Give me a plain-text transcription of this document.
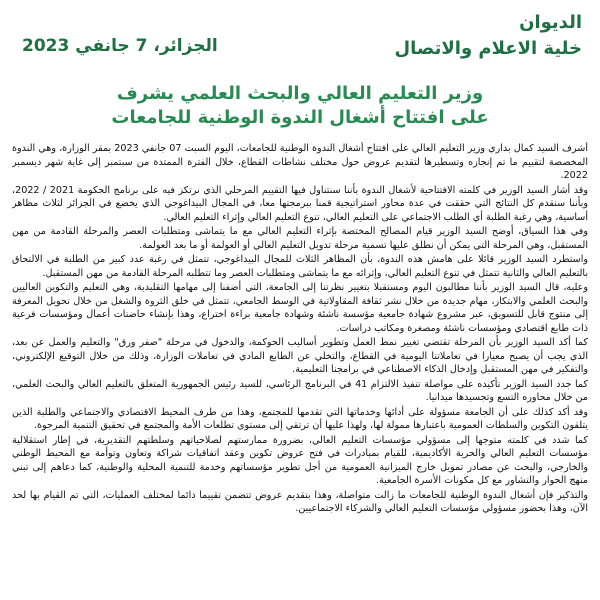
الديوان
خلية الاعلام والاتصال
الجزائر، 7 جانفي 2023
وزير التعليم العالي والبحث العلمي يشرف
على افتتاح أشغال الندوة الوطنية للجامعات

أشرف السيد كمال بداري وزير التعليم العالي على افتتاح أشغال الندوة الوطنية للجامعات، اليوم السبت 07 جانفي 2023 بمقر الوزارة، وهي الندوة المخصصة لتقييم ما تم إنجازه وتسطيرها لتقديم عروض حول مختلف نشاطات القطاع، خلال الفترة الممتدة من سبتمبر إلى غاية شهر ديسمبر 2022.

وقد أشار السيد الوزير في كلمته الافتتاحية لأشغال الندوة بأننا سنتناول فيها التقييم المرحلي الذي نرتكز فيه على برنامج الحكومة 2021 / 2022، وبأننا سنقدم كل النتائج التي حققت في عدة محاور استراتيجية قمنا ببرمجتها معا، في المجال البيداغوجي الذي يخضع في الجزائر لثلاث مظاهر أساسية، وهي رغبة الطلبة أي الطلب الاجتماعي على التعليم العالي، تنوع التعليم العالي وإثراء التعليم العالي.

وفي هذا السياق، أوضح السيد الوزير قيام المصالح المختصة بإثراء التعليم العالي مع ما يتماشى ومتطلبات العصر والمرحلة القادمة من مهن المستقبل، وهي المرحلة التي يمكن أن نطلق عليها تسمية مرحلة تدويل التعليم العالي أو العولمة أو ما بعد العولمة.

واستطرد السيد الوزير قائلا على هامش هذه الندوة، بأن المظاهر الثلاث للمجال البيداغوجي، تتمثل في رغبة عدد كبير من الطلبة في الالتحاق بالتعليم العالي والثانية تتمثل في تنوع التعليم العالي، وإثرائه مع ما يتماشى ومتطلبات العصر وما تتطلبه المرحلة القادمة من مهن المستقبل.

وعليه، قال السيد الوزير بأننا مطالبون اليوم ومستقبلا بتغيير نظرتنا إلى الجامعة، التي أضفنا إلى مهامها التقليدية، وهي التعليم والتكوين العاليين والبحث العلمي والابتكار، مهام جديدة من خلال نشر ثقافة المقاولاتية في الوسط الجامعي، تتمثل في خلق الثروة والشغل من خلال تحويل المعرفة إلى منتوج قابل للتسويق، عبر مشروع شهادة جامعية مؤسسة ناشئة وشهادة جامعية براءة اختراع، وهذا بإنشاء حاضنات أعمال ومؤسسات فرعية ذات طابع اقتصادي ومؤسسات ناشئة ومصغرة ومكاتب دراسات.

كما أكد السيد الوزير بأن المرحلة تقتضي تغيير نمط العمل وتطوير أساليب الحوكمة، والدخول في مرحلة "صفر ورق" والتعليم والعمل عن بعد، الذي يجب أن يصبح معيارا في تعاملاتنا اليومية في القطاع، والتخلي عن الطابع المادي في تعاملات الوزارة، وذلك من خلال التوقيع الإلكتروني، والتفكير في مهن المستقبل وإدخال الذكاء الاصطناعي في برامجنا التعليمية.

كما جدد السيد الوزير تأكيده على مواصلة تنفيذ الالتزام 41 في البرنامج الرئاسي، للسيد رئيس الجمهورية المتعلق بالتعليم العالي والبحث العلمي، من خلال محاوره التسع وتجسيدها ميدانيا.

وقد أكد كذلك على أن الجامعة مسؤولة على أدائها وخدماتها التي تقدمها للمجتمع، وهذا من طرف المحيط الاقتصادي والاجتماعي والطلبة الذين يتلقون التكوين والسلطات العمومية باعتبارها ممولة لها، ولهذا عليها أن ترتقي إلى مستوى تطلعات الأمة والمجتمع في تحقيق التنمية المرجوة.

كما شدد في كلمته متوجها إلى مسؤولي مؤسسات التعليم العالي، بضرورة ممارستهم لصلاحياتهم وسلطتهم التقديرية، في إطار استقلالية مؤسسات التعليم العالي والحرية الأكاديمية، للقيام بمبادرات في فتح عروض تكوين وعقد اتفاقيات شراكة وتعاون وتوأمة مع المحيط الوطني والخارجي، والبحث عن مصادر تمويل خارج الميزانية العمومية من أجل تطوير مؤسساتهم وخدمة للتنمية المحلية والوطنية، كما دعاهم إلى تبني منهج الحوار والتشاور مع كل مكونات الأسرة الجامعية.

والتذكير فإن أشغال الندوة الوطنية للجامعات ما زالت متواصلة، وهذا بتقديم عروض تتضمن تقييما دائما لمختلف العمليات، التي تم القيام بها لحد الآن، وهذا بحضور مسؤولي مؤسسات التعليم العالي والشركاء الاجتماعيين.
